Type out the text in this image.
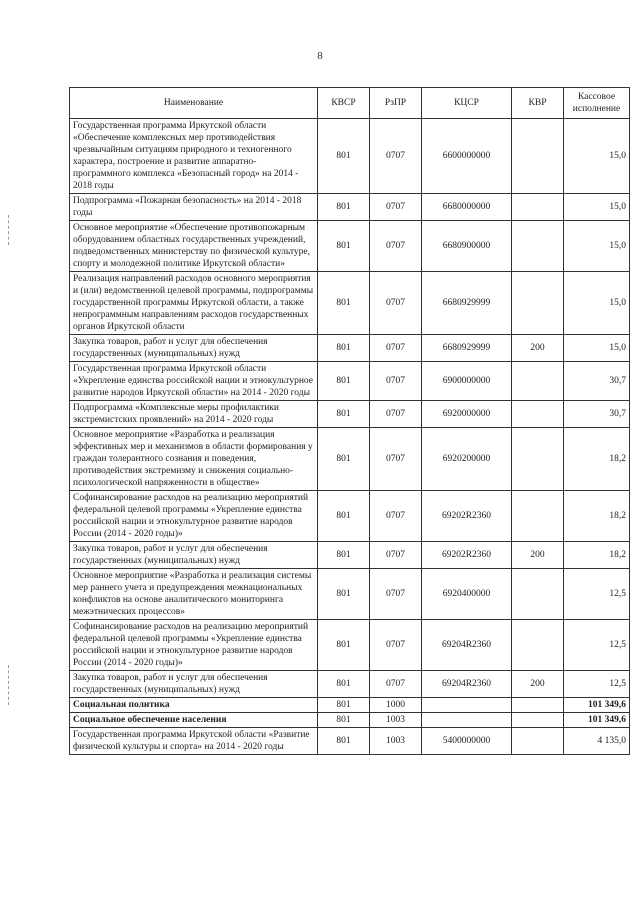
8
Наименование	КВСР	РзПР	КЦСР	КВР	Кассовое исполнение
Государственная программа Иркутской области «Обеспечение комплексных мер противодействия чрезвычайным ситуациям природного и техногенного характера, построение и развитие аппаратно-программного комплекса «Безопасный город» на 2014 - 2018 годы	801	0707	6600000000		15,0
Подпрограмма «Пожарная безопасность» на 2014 - 2018 годы	801	0707	6680000000		15,0
Основное мероприятие «Обеспечение противопожарным оборудованием областных государственных учреждений, подведомственных министерству по физической культуре, спорту и молодежной политике Иркутской области»	801	0707	6680900000		15,0
Реализация направлений расходов основного мероприятия и (или) ведомственной целевой программы, подпрограммы государственной программы Иркутской области, а также непрограммным направлениям расходов государственных органов Иркутской области	801	0707	6680929999		15,0
Закупка товаров, работ и услуг для обеспечения государственных (муниципальных) нужд	801	0707	6680929999	200	15,0
Государственная программа Иркутской области «Укрепление единства российской нации и этнокультурное развитие народов Иркутской области» на 2014 - 2020 годы	801	0707	6900000000		30,7
Подпрограмма «Комплексные меры профилактики экстремистских проявлений» на 2014 - 2020 годы	801	0707	6920000000		30,7
Основное мероприятие «Разработка и реализация эффективных мер и механизмов в области формирования у граждан толерантного сознания и поведения, противодействия экстремизму и снижения социально-психологической напряженности в обществе»	801	0707	6920200000		18,2
Софинансирование расходов на реализацию мероприятий федеральной целевой программы «Укрепление единства российской нации и этнокультурное развитие народов России (2014 - 2020 годы)»	801	0707	69202R2360		18,2
Закупка товаров, работ и услуг для обеспечения государственных (муниципальных) нужд	801	0707	69202R2360	200	18,2
Основное мероприятие «Разработка и реализация системы мер раннего учета и предупреждения межнациональных конфликтов на основе аналитического мониторинга межэтнических процессов»	801	0707	6920400000		12,5
Софинансирование расходов на реализацию мероприятий федеральной целевой программы «Укрепление единства российской нации и этнокультурное развитие народов России (2014 - 2020 годы)»	801	0707	69204R2360		12,5
Закупка товаров, работ и услуг для обеспечения государственных (муниципальных) нужд	801	0707	69204R2360	200	12,5
Социальная политика	801	1000			101 349,6
Социальное обеспечение населения	801	1003			101 349,6
Государственная программа Иркутской области «Развитие физической культуры и спорта» на 2014 - 2020 годы	801	1003	5400000000		4 135,0
